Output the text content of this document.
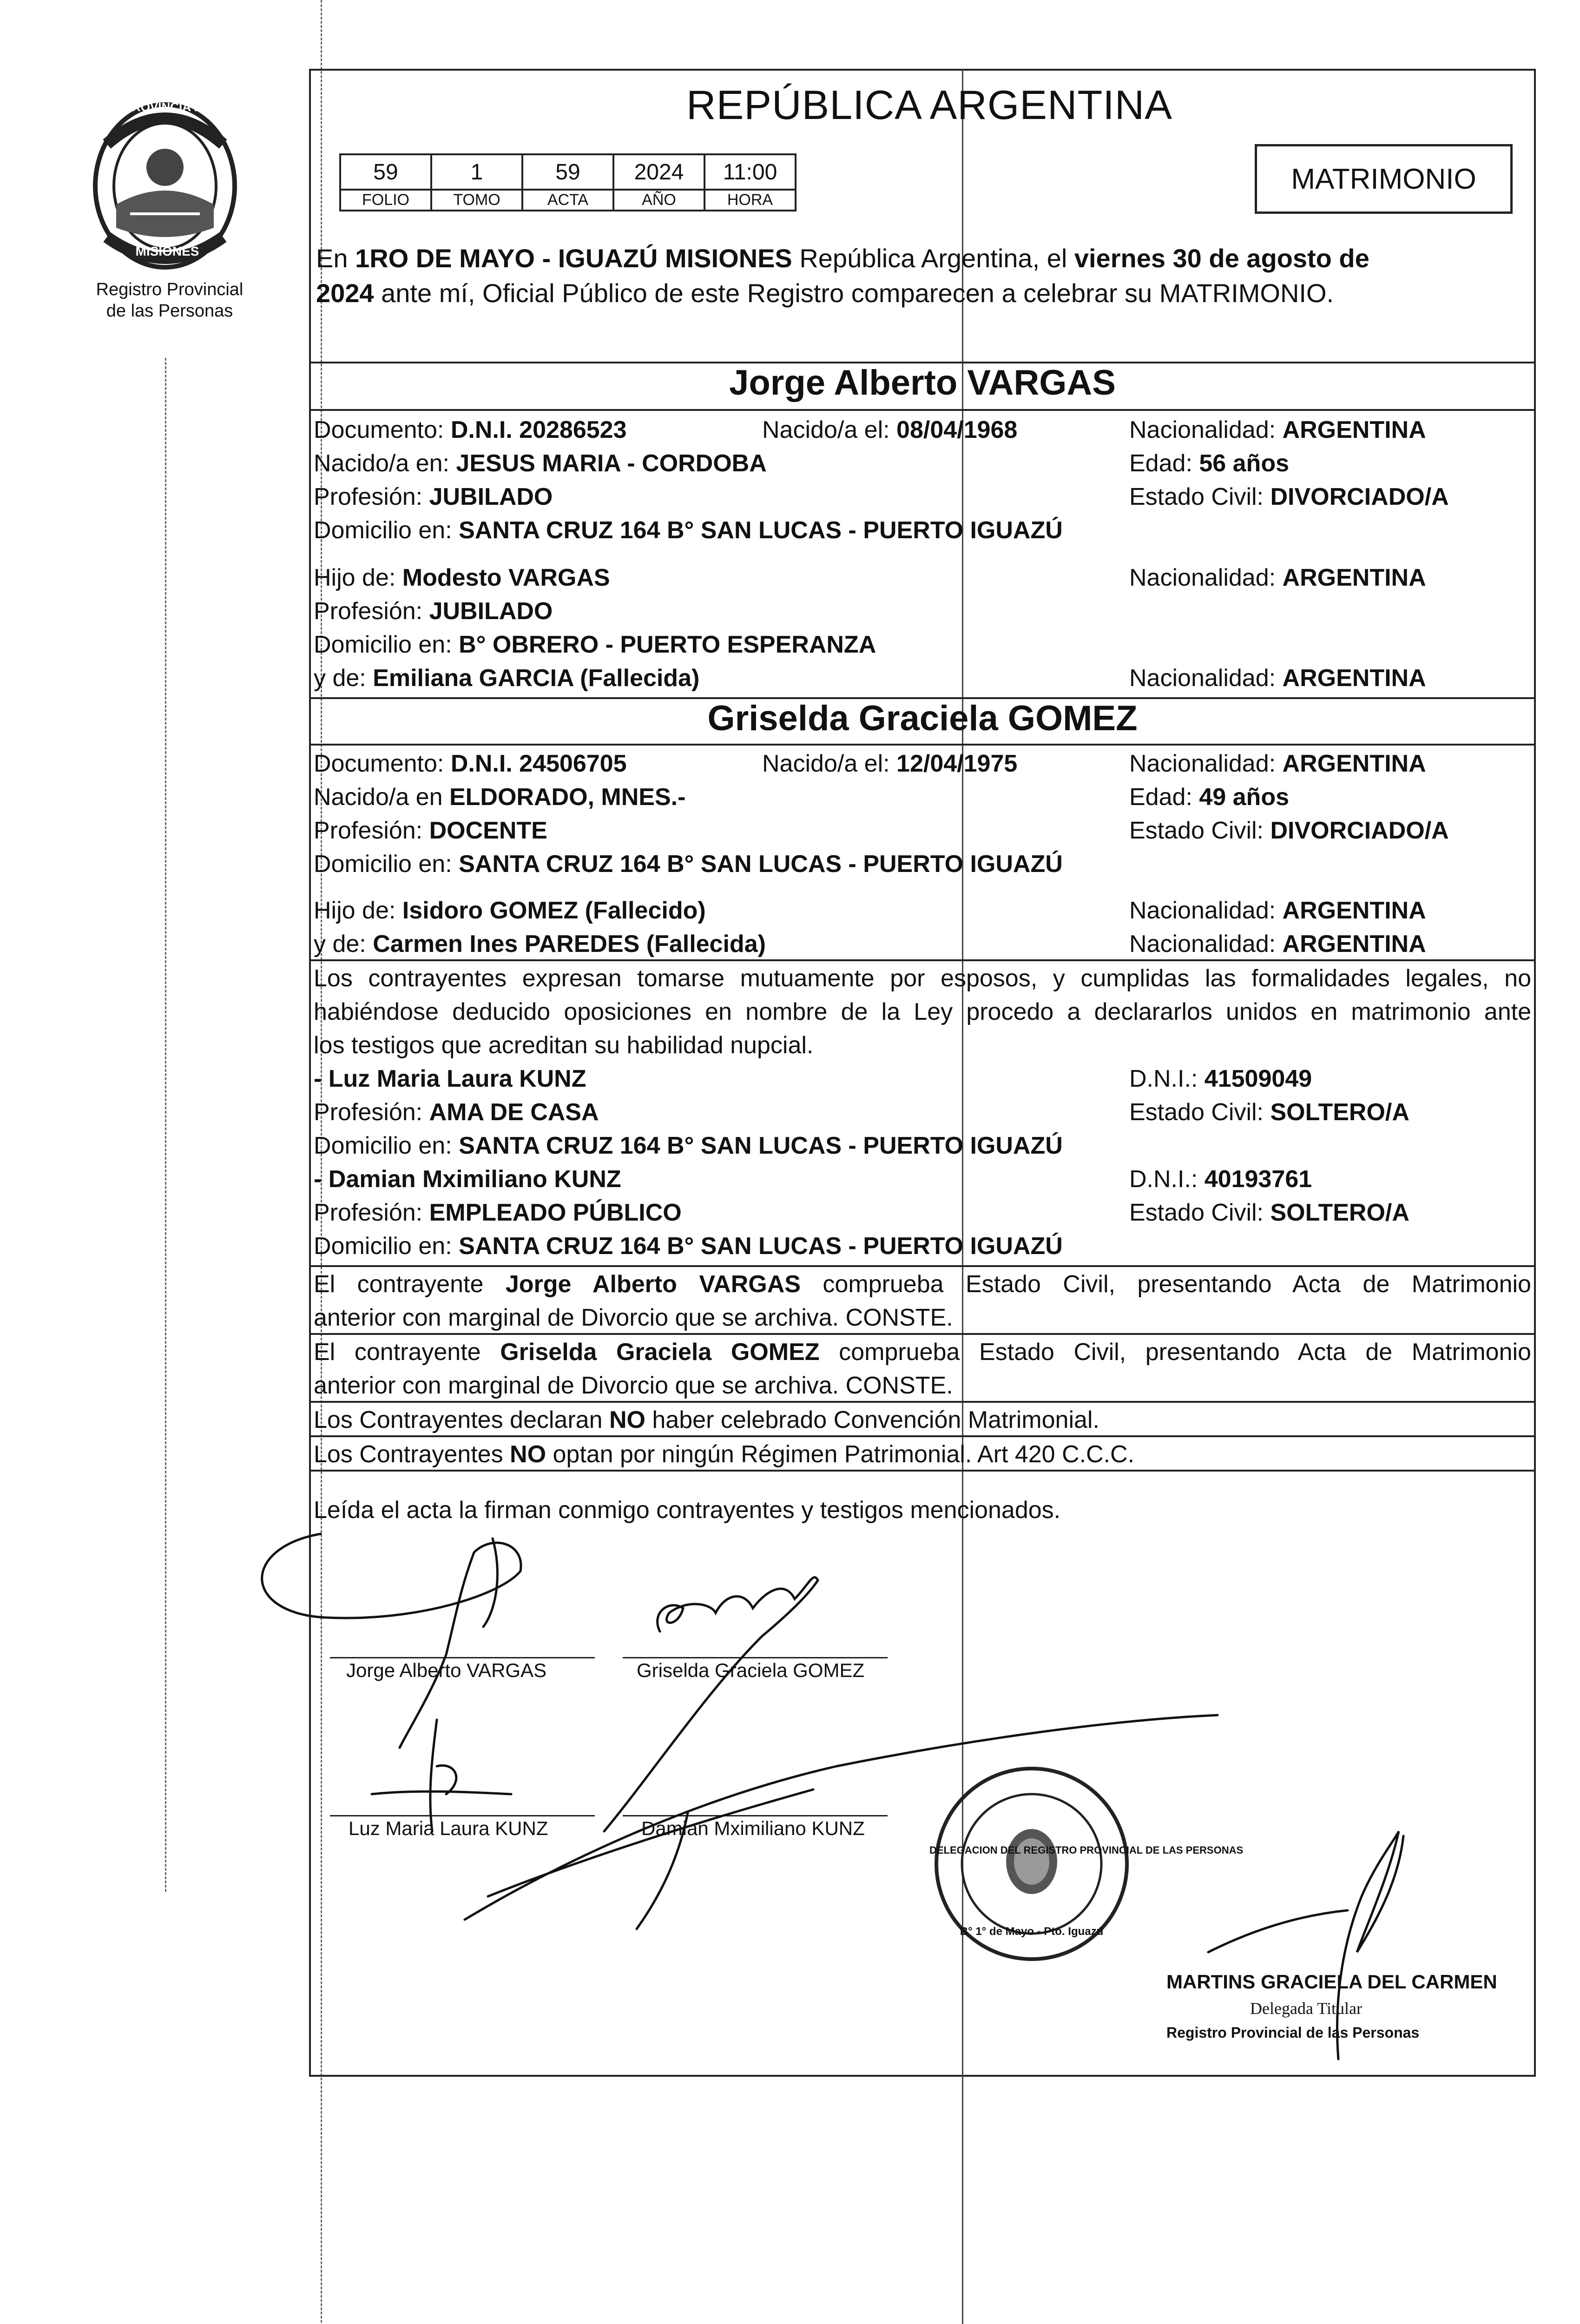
PROVINCIA DE
MISIONES
Registro Provincial
de las Personas
REPÚBLICA ARGENTINA
59	1	59	2024	11:00
FOLIO	TOMO	ACTA	AÑO	HORA
MATRIMONIO
En 1RO DE MAYO - IGUAZÚ MISIONES República Argentina, el viernes 30 de agosto de
2024 ante mí, Oficial Público de este Registro comparecen a celebrar su MATRIMONIO.
Jorge Alberto VARGAS
Documento: D.N.I. 20286523	Nacido/a el: 08/04/1968	Nacionalidad: ARGENTINA
Nacido/a en: JESUS MARIA - CORDOBA	Edad: 56 años
Profesión: JUBILADO	Estado Civil: DIVORCIADO/A
Domicilio en: SANTA CRUZ 164 B° SAN LUCAS - PUERTO IGUAZÚ
Hijo de: Modesto VARGAS	Nacionalidad: ARGENTINA
Profesión: JUBILADO
Domicilio en: B° OBRERO - PUERTO ESPERANZA
y de: Emiliana GARCIA (Fallecida)	Nacionalidad: ARGENTINA
Griselda Graciela GOMEZ
Documento: D.N.I. 24506705	Nacido/a el: 12/04/1975	Nacionalidad: ARGENTINA
Nacido/a en ELDORADO, MNES.-	Edad: 49 años
Profesión: DOCENTE	Estado Civil: DIVORCIADO/A
Domicilio en: SANTA CRUZ 164 B° SAN LUCAS - PUERTO IGUAZÚ
Hijo de: Isidoro GOMEZ (Fallecido)	Nacionalidad: ARGENTINA
y de: Carmen Ines PAREDES (Fallecida)	Nacionalidad: ARGENTINA
Los contrayentes expresan tomarse mutuamente por esposos, y cumplidas las formalidades legales, no
habiéndose deducido oposiciones en nombre de la Ley procedo a declararlos unidos en matrimonio ante
los testigos que acreditan su habilidad nupcial.
- Luz Maria Laura KUNZ	D.N.I.: 41509049
Profesión: AMA DE CASA	Estado Civil: SOLTERO/A
Domicilio en: SANTA CRUZ 164 B° SAN LUCAS - PUERTO IGUAZÚ
- Damian Mximiliano KUNZ	D.N.I.: 40193761
Profesión: EMPLEADO PÚBLICO	Estado Civil: SOLTERO/A
Domicilio en: SANTA CRUZ 164 B° SAN LUCAS - PUERTO IGUAZÚ
El contrayente Jorge Alberto VARGAS comprueba Estado Civil, presentando Acta de Matrimonio
anterior con marginal de Divorcio que se archiva. CONSTE.
El contrayente Griselda Graciela GOMEZ comprueba Estado Civil, presentando Acta de Matrimonio
anterior con marginal de Divorcio que se archiva. CONSTE.
Los Contrayentes declaran NO haber celebrado Convención Matrimonial.
Los Contrayentes NO optan por ningún Régimen Patrimonial. Art 420 C.C.C.
Leída el acta la firman conmigo contrayentes y testigos mencionados.
Jorge Alberto VARGAS	Griselda Graciela GOMEZ
Luz Maria Laura KUNZ	Damian Mximiliano KUNZ
DELEGACION DEL REGISTRO PROVINCIAL DE LAS PERSONAS
B° 1° de Mayo - Pto. Iguazú
MARTINS GRACIELA DEL CARMEN
Delegada Titular
Registro Provincial de las Personas
